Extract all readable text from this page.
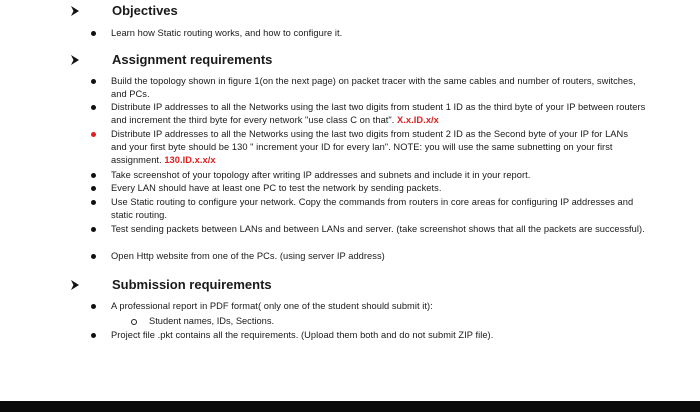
Objectives
Learn how Static routing works, and how to configure it.
Assignment requirements
Build the topology shown in figure 1(on the next page) on packet tracer with the same cables and number of routers, switches, and PCs.
Distribute IP addresses to all the Networks using the last two digits from student 1 ID as the third byte of your IP between routers and increment the third byte for every network "use class C on that". X.x.ID.x/x
Distribute IP addresses to all the Networks using the last two digits from student 2 ID as the Second byte of your IP for LANs and your first byte should be 130 " increment your ID for every lan". NOTE: you will use the same subnetting on your first assignment. 130.ID.x.x/x
Take screenshot of your topology after writing IP addresses and subnets and include it in your report.
Every LAN should have at least one PC to test the network by sending packets.
Use Static routing to configure your network. Copy the commands from routers in core areas for configuring IP addresses and static routing.
Test sending packets between LANs and between LANs and server. (take screenshot shows that all the packets are successful).
Open Http website from one of the PCs. (using server IP address)
Submission requirements
A professional report in PDF format( only one of the student should submit it):
Student names, IDs, Sections.
Project file .pkt contains all the requirements. (Upload them both and do not submit ZIP file).
